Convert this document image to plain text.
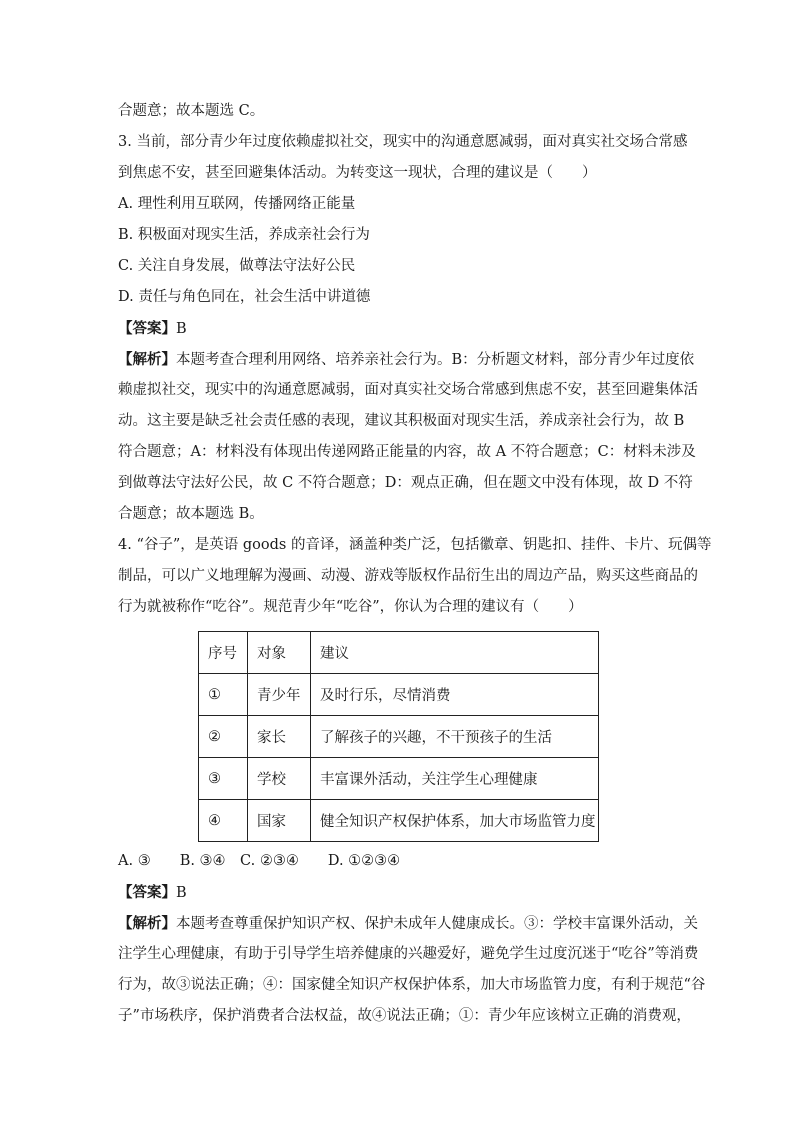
合题意；故本题选 C。
3. 当前，部分青少年过度依赖虚拟社交，现实中的沟通意愿减弱，面对真实社交场合常感
到焦虑不安，甚至回避集体活动。为转变这一现状，合理的建议是（　　）
A. 理性利用互联网，传播网络正能量
B. 积极面对现实生活，养成亲社会行为
C. 关注自身发展，做尊法守法好公民
D. 责任与角色同在，社会生活中讲道德
【答案】B
【解析】本题考查合理利用网络、培养亲社会行为。B：分析题文材料，部分青少年过度依
赖虚拟社交，现实中的沟通意愿减弱，面对真实社交场合常感到焦虑不安，甚至回避集体活
动。这主要是缺乏社会责任感的表现，建议其积极面对现实生活，养成亲社会行为，故 B
符合题意；A：材料没有体现出传递网路正能量的内容，故 A 不符合题意；C：材料未涉及
到做尊法守法好公民，故 C 不符合题意；D：观点正确，但在题文中没有体现，故 D 不符
合题意；故本题选 B。
4. “谷子”，是英语 goods 的音译，涵盖种类广泛，包括徽章、钥匙扣、挂件、卡片、玩偶等
制品，可以广义地理解为漫画、动漫、游戏等版权作品衍生出的周边产品，购买这些商品的
行为就被称作“吃谷”。规范青少年“吃谷”，你认为合理的建议有（　　）
序号	对象	建议
①	青少年	及时行乐，尽情消费
②	家长	了解孩子的兴趣，不干预孩子的生活
③	学校	丰富课外活动，关注学生心理健康
④	国家	健全知识产权保护体系，加大市场监管力度
A. ③　　B. ③④　C. ②③④　　D. ①②③④
【答案】B
【解析】本题考查尊重保护知识产权、保护未成年人健康成长。③：学校丰富课外活动，关
注学生心理健康，有助于引导学生培养健康的兴趣爱好，避免学生过度沉迷于“吃谷”等消费
行为，故③说法正确；④：国家健全知识产权保护体系，加大市场监管力度，有利于规范“谷
子”市场秩序，保护消费者合法权益，故④说法正确；①：青少年应该树立正确的消费观，
